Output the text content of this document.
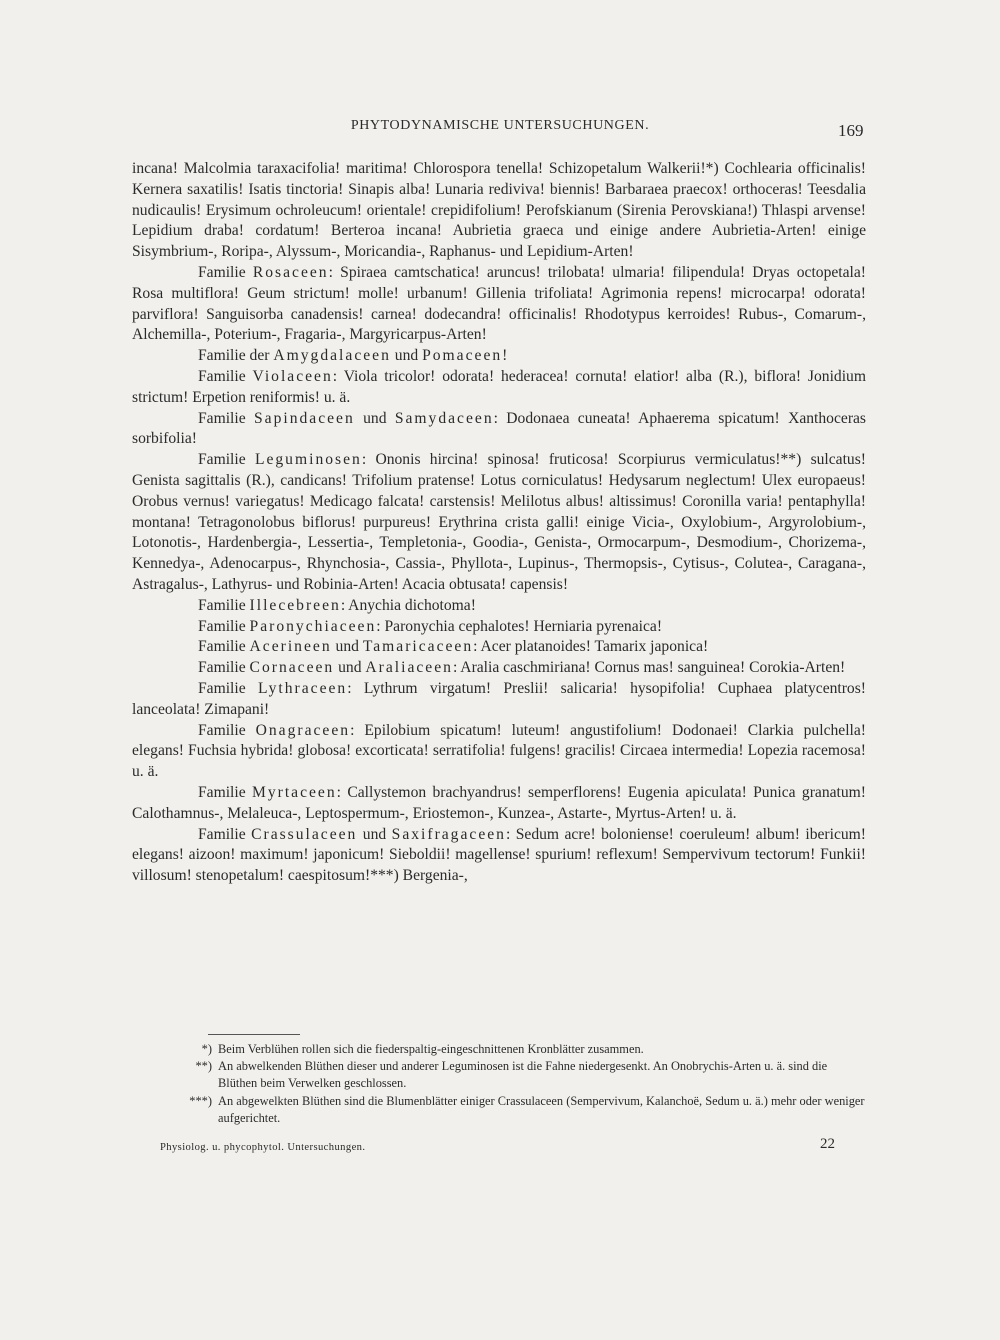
PHYTODYNAMISCHE UNTERSUCHUNGEN.	169

incana! Malcolmia taraxacifolia! maritima! Chlorospora tenella! Schizopetalum Walkerii!*) Cochlearia officinalis! Kernera saxatilis! Isatis tinctoria! Sinapis alba! Lunaria rediviva! biennis! Barbaraea praecox! orthoceras! Teesdalia nudicaulis! Erysimum ochroleucum! orientale! crepidifolium! Perofskianum (Sirenia Perovskiana!) Thlaspi arvense! Lepidium draba! cordatum! Berteroa incana! Aubrietia graeca und einige andere Aubrietia-Arten! einige Sisymbrium-, Roripa-, Alyssum-, Moricandia-, Raphanus- und Lepidium-Arten!

Familie Rosaceen: Spiraea camtschatica! aruncus! trilobata! ulmaria! filipendula! Dryas octopetala! Rosa multiflora! Geum strictum! molle! urbanum! Gillenia trifoliata! Agrimonia repens! microcarpa! odorata! parviflora! Sanguisorba canadensis! carnea! dodecandra! officinalis! Rhodotypus kerroides! Rubus-, Comarum-, Alchemilla-, Poterium-, Fragaria-, Margyricarpus-Arten!

Familie der Amygdalaceen und Pomaceen!

Familie Violaceen: Viola tricolor! odorata! hederacea! cornuta! elatior! alba (R.), biflora! Jonidium strictum! Erpetion reniformis! u. ä.

Familie Sapindaceen und Samydaceen: Dodonaea cuneata! Aphaerema spicatum! Xanthoceras sorbifolia!

Familie Leguminosen: Ononis hircina! spinosa! fruticosa! Scorpiurus vermiculatus!**) sulcatus! Genista sagittalis (R.), candicans! Trifolium pratense! Lotus corniculatus! Hedysarum neglectum! Ulex europaeus! Orobus vernus! variegatus! Medicago falcata! carstensis! Melilotus albus! altissimus! Coronilla varia! pentaphylla! montana! Tetragonolobus biflorus! purpureus! Erythrina crista galli! einige Vicia-, Oxylobium-, Argyrolobium-, Lotonotis-, Hardenbergia-, Lessertia-, Templetonia-, Goodia-, Genista-, Ormocarpum-, Desmodium-, Chorizema-, Kennedya-, Adenocarpus-, Rhynchosia-, Cassia-, Phyllota-, Lupinus-, Thermopsis-, Cytisus-, Colutea-, Caragana-, Astragalus-, Lathyrus- und Robinia-Arten! Acacia obtusata! capensis!

Familie Illecebreen: Anychia dichotoma!

Familie Paronychiaceen: Paronychia cephalotes! Herniaria pyrenaica!

Familie Acerineen und Tamaricaceen: Acer platanoides! Tamarix japonica!

Familie Cornaceen und Araliaceen: Aralia caschmiriana! Cornus mas! sanguinea! Corokia-Arten!

Familie Lythraceen: Lythrum virgatum! Preslii! salicaria! hysopifolia! Cuphaea platycentros! lanceolata! Zimapani!

Familie Onagraceen: Epilobium spicatum! luteum! angustifolium! Dodonaei! Clarkia pulchella! elegans! Fuchsia hybrida! globosa! excorticata! serratifolia! fulgens! gracilis! Circaea intermedia! Lopezia racemosa! u. ä.

Familie Myrtaceen: Callystemon brachyandrus! semperflorens! Eugenia apiculata! Punica granatum! Calothamnus-, Melaleuca-, Leptospermum-, Eriostemon-, Kunzea-, Astarte-, Myrtus-Arten! u. ä.

Familie Crassulaceen und Saxifragaceen: Sedum acre! boloniense! coeruleum! album! ibericum! elegans! aizoon! maximum! japonicum! Sieboldii! magellense! spurium! reflexum! Sempervivum tectorum! Funkii! villosum! stenopetalum! caespitosum!***) Bergenia-,

*) Beim Verblühen rollen sich die fiederspaltig-eingeschnittenen Kronblätter zusammen.
**) An abwelkenden Blüthen dieser und anderer Leguminosen ist die Fahne niedergesenkt. An Onobrychis-Arten u. ä. sind die Blüthen beim Verwelken geschlossen.
***) An abgewelkten Blüthen sind die Blumenblätter einiger Crassulaceen (Sempervivum, Kalanchoë, Sedum u. ä.) mehr oder weniger aufgerichtet.
Physiolog. u. phycophytol. Untersuchungen.	22
